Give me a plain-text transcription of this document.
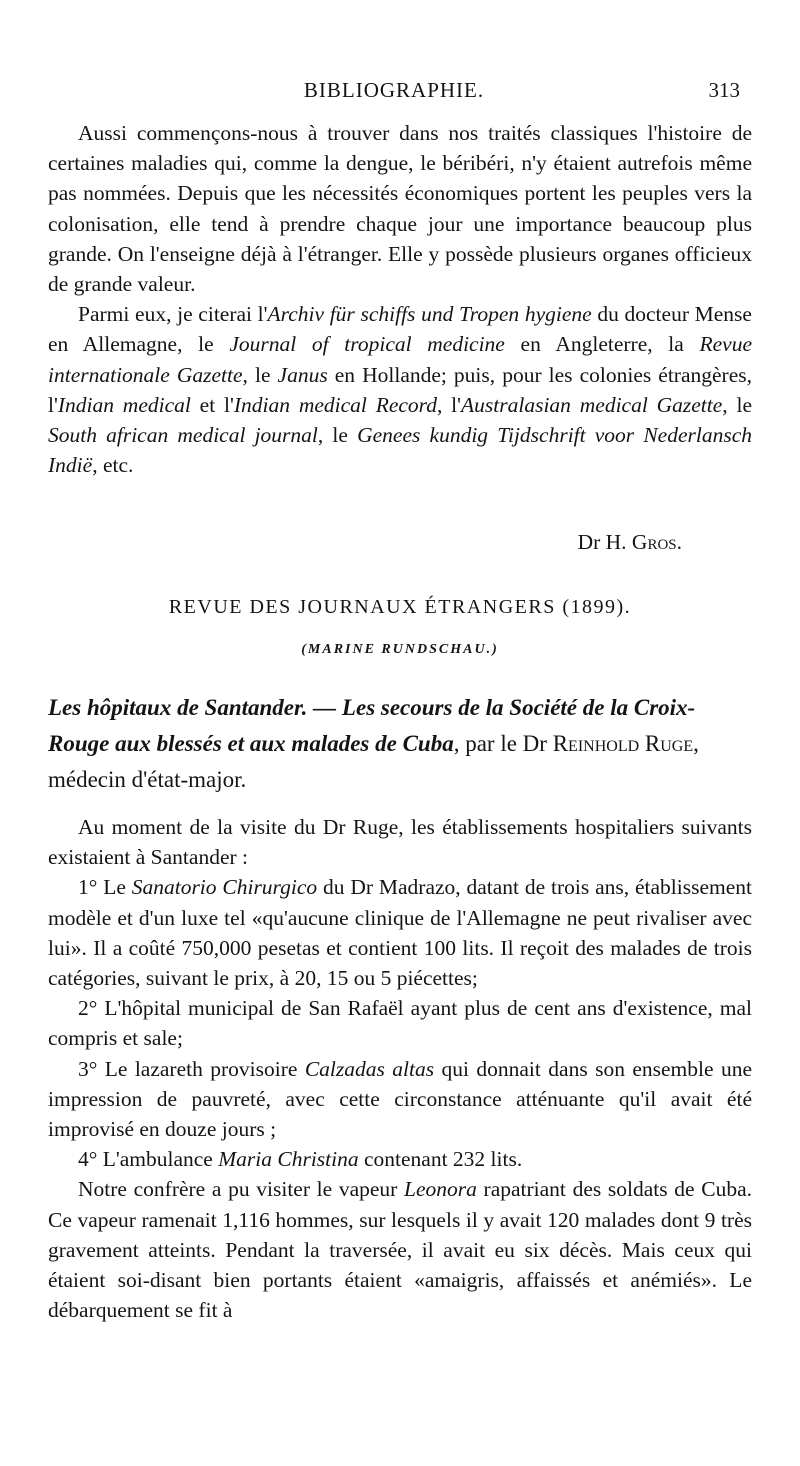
BIBLIOGRAPHIE.	313

Aussi commençons-nous à trouver dans nos traités classiques l'histoire de certaines maladies qui, comme la dengue, le béribéri, n'y étaient autrefois même pas nommées. Depuis que les nécessités économiques portent les peuples vers la colonisation, elle tend à prendre chaque jour une importance beaucoup plus grande. On l'enseigne déjà à l'étranger. Elle y possède plusieurs organes officieux de grande valeur.

Parmi eux, je citerai l'Archiv für schiffs und Tropen hygiene du docteur Mense en Allemagne, le Journal of tropical medicine en Angleterre, la Revue internationale Gazette, le Janus en Hollande; puis, pour les colonies étrangères, l'Indian medical et l'Indian medical Record, l'Australasian medical Gazette, le South african medical journal, le Genees kundig Tijdschrift voor Nederlansch Indië, etc.

Dr H. Gros.
REVUE DES JOURNAUX ÉTRANGERS (1899).
(MARINE RUNDSCHAU.)
Les hôpitaux de Santander. — Les secours de la Société de la Croix-Rouge aux blessés et aux malades de Cuba, par le Dr Reinhold Ruge, médecin d'état-major.

Au moment de la visite du Dr Ruge, les établissements hospitaliers suivants existaient à Santander :

1° Le Sanatorio Chirurgico du Dr Madrazo, datant de trois ans, établissement modèle et d'un luxe tel «qu'aucune clinique de l'Allemagne ne peut rivaliser avec lui». Il a coûté 750,000 pesetas et contient 100 lits. Il reçoit des malades de trois catégories, suivant le prix, à 20, 15 ou 5 piécettes;

2° L'hôpital municipal de San Rafaël ayant plus de cent ans d'existence, mal compris et sale;

3° Le lazareth provisoire Calzadas altas qui donnait dans son ensemble une impression de pauvreté, avec cette circonstance atténuante qu'il avait été improvisé en douze jours ;

4° L'ambulance Maria Christina contenant 232 lits.

Notre confrère a pu visiter le vapeur Leonora rapatriant des soldats de Cuba. Ce vapeur ramenait 1,116 hommes, sur lesquels il y avait 120 malades dont 9 très gravement atteints. Pendant la traversée, il avait eu six décès. Mais ceux qui étaient soi-disant bien portants étaient «amaigris, affaissés et anémiés». Le débarquement se fit à
